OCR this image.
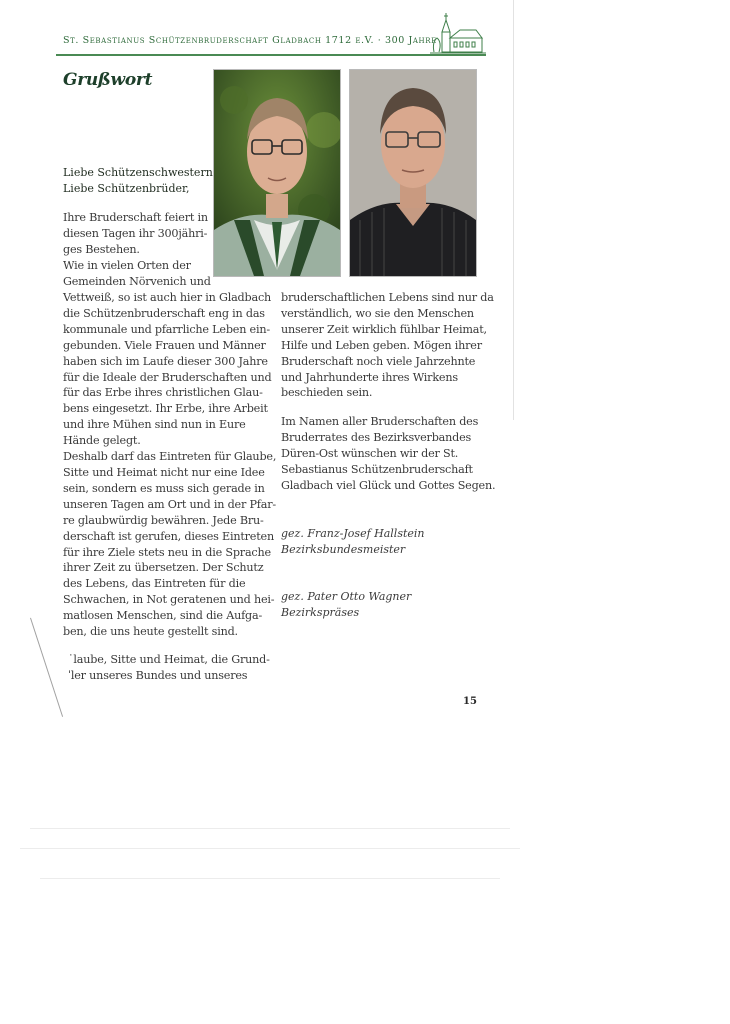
St. Sebastianus Schützenbruderschaft Gladbach 1712 e.V. · 300 Jahre
Grußwort
Liebe Schützenschwestern
Liebe Schützenbrüder,
Ihre Bruderschaft feiert in
diesen Tagen ihr 300jähri-
ges Bestehen.
Wie in vielen Orten der
Gemeinden Nörvenich und
Vettweiß, so ist auch hier in Gladbach
die Schützenbruderschaft eng in das
kommunale und pfarrliche Leben ein-
gebunden. Viele Frauen und Männer
haben sich im Laufe dieser 300 Jahre
für die Ideale der Bruderschaften und
für das Erbe ihres christlichen Glau-
bens eingesetzt. Ihr Erbe, ihre Arbeit
und ihre Mühen sind nun in Eure
Hände gelegt.
Deshalb darf das Eintreten für Glaube,
Sitte und Heimat nicht nur eine Idee
sein, sondern es muss sich gerade in
unseren Tagen am Ort und in der Pfar-
re glaubwürdig bewähren. Jede Bru-
derschaft ist gerufen, dieses Eintreten
für ihre Ziele stets neu in die Sprache
ihrer Zeit zu übersetzen. Der Schutz
des Lebens, das Eintreten für die
Schwachen, in Not geratenen und hei-
matlosen Menschen, sind die Aufga-
ben, die uns heute gestellt sind.
˙laube, Sitte und Heimat, die Grund-
ˈler unseres Bundes und unseres
bruderschaftlichen Lebens sind nur da
verständlich, wo sie den Menschen
unserer Zeit wirklich fühlbar Heimat,
Hilfe und Leben geben. Mögen ihrer
Bruderschaft noch viele Jahrzehnte
und Jahrhunderte ihres Wirkens
beschieden sein.
Im Namen aller Bruderschaften des
Bruderrates des Bezirksverbandes
Düren-Ost wünschen wir der St.
Sebastianus Schützenbruderschaft
Gladbach viel Glück und Gottes Segen.
gez. Franz-Josef Hallstein
Bezirksbundesmeister
gez. Pater Otto Wagner
Bezirkspräses
15
